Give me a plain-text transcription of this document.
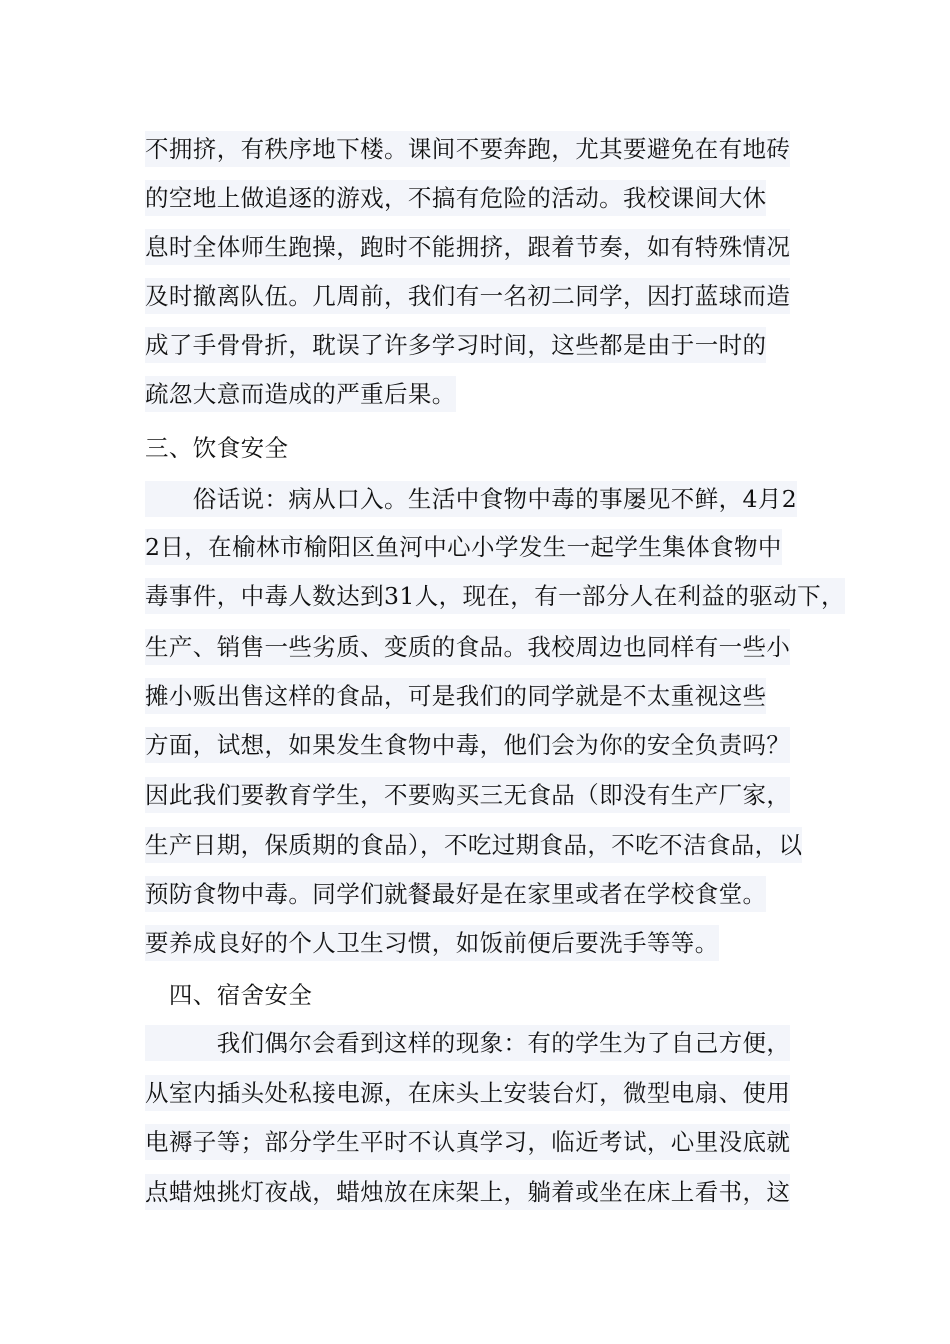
不拥挤，有秩序地下楼。课间不要奔跑，尤其要避免在有地砖
的空地上做追逐的游戏，不搞有危险的活动。我校课间大休
息时全体师生跑操，跑时不能拥挤，跟着节奏，如有特殊情况
及时撤离队伍。几周前，我们有一名初二同学，因打蓝球而造
成了手骨骨折，耽误了许多学习时间，这些都是由于一时的
疏忽大意而造成的严重后果。
三、饮食安全
　　俗话说：病从口入。生活中食物中毒的事屡见不鲜，4月2
2日，在榆林市榆阳区鱼河中心小学发生一起学生集体食物中
毒事件，中毒人数达到31人，现在，有一部分人在利益的驱动下，
生产、销售一些劣质、变质的食品。我校周边也同样有一些小
摊小贩出售这样的食品，可是我们的同学就是不太重视这些
方面，试想，如果发生食物中毒，他们会为你的安全负责吗？
因此我们要教育学生，不要购买三无食品（即没有生产厂家，
生产日期，保质期的食品），不吃过期食品，不吃不洁食品，以
预防食物中毒。同学们就餐最好是在家里或者在学校食堂。
要养成良好的个人卫生习惯，如饭前便后要洗手等等。
　四、宿舍安全
　　　我们偶尔会看到这样的现象：有的学生为了自己方便，
从室内插头处私接电源，在床头上安装台灯，微型电扇、使用
电褥子等；部分学生平时不认真学习，临近考试，心里没底就
点蜡烛挑灯夜战，蜡烛放在床架上，躺着或坐在床上看书，这
